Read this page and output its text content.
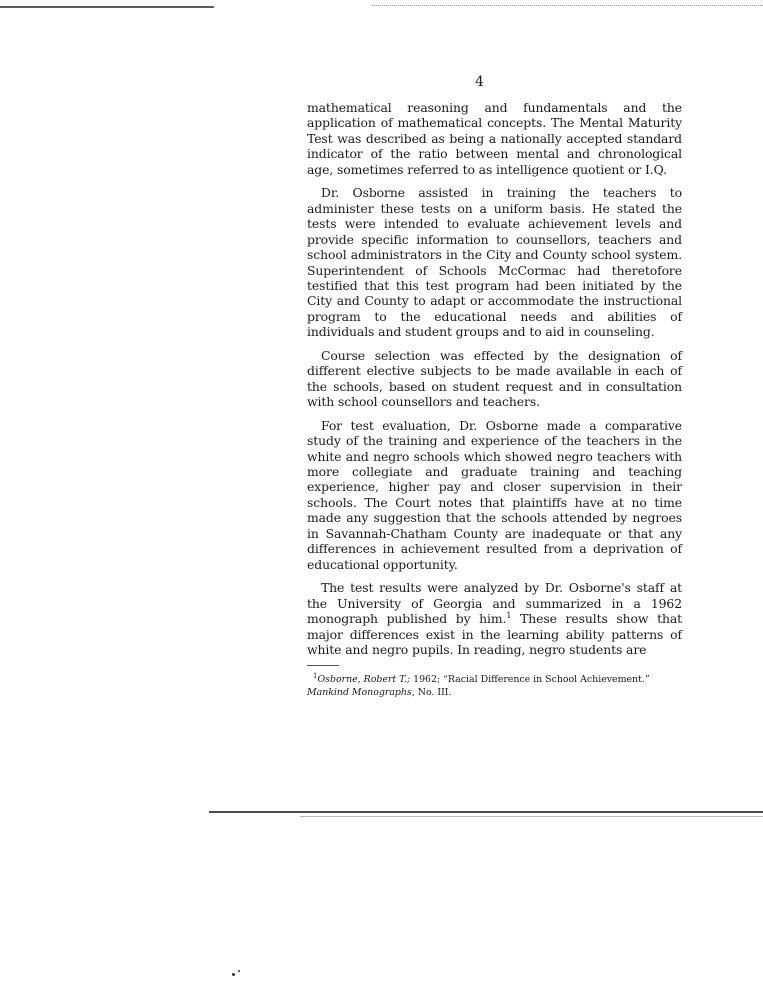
4

mathematical reasoning and fundamentals and the application of mathematical concepts. The Mental Maturity Test was described as being a nationally accepted standard indicator of the ratio between mental and chronological age, sometimes referred to as intelligence quotient or I.Q.

Dr. Osborne assisted in training the teachers to administer these tests on a uniform basis. He stated the tests were intended to evaluate achievement levels and provide specific information to counsellors, teachers and school administrators in the City and County school system. Superintendent of Schools McCormac had theretofore testified that this test program had been initiated by the City and County to adapt or accommodate the instructional program to the educational needs and abilities of individuals and student groups and to aid in counseling.

Course selection was effected by the designation of different elective subjects to be made available in each of the schools, based on student request and in consultation with school counsellors and teachers.

For test evaluation, Dr. Osborne made a comparative study of the training and experience of the teachers in the white and negro schools which showed negro teachers with more collegiate and graduate training and teaching experience, higher pay and closer supervision in their schools. The Court notes that plaintiffs have at no time made any suggestion that the schools attended by negroes in Savannah-Chatham County are inadequate or that any differences in achievement resulted from a deprivation of educational opportunity.

The test results were analyzed by Dr. Osborne's staff at the University of Georgia and summarized in a 1962 monograph published by him.$^1$ These results show that major differences exist in the learning ability patterns of white and negro pupils. In reading, negro students are

$^1$Osborne, Robert T.; 1962; “Racial Difference in School Achievement.”
Mankind Monographs, No. III.
